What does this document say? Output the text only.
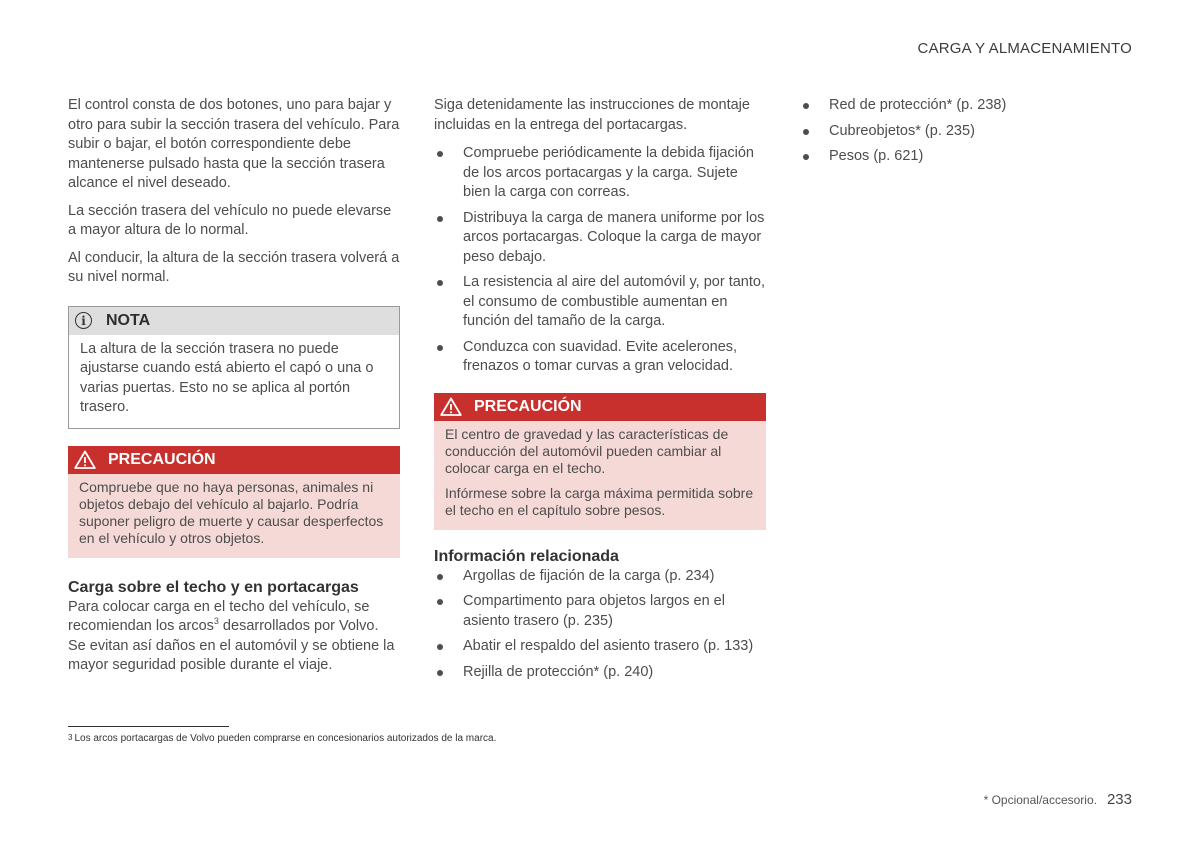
CARGA Y ALMACENAMIENTO

El control consta de dos botones, uno para bajar y otro para subir la sección trasera del vehículo. Para subir o bajar, el botón correspondiente debe mantenerse pulsado hasta que la sección trasera alcance el nivel deseado.

La sección trasera del vehículo no puede elevarse a mayor altura de lo normal.

Al conducir, la altura de la sección trasera volverá a su nivel normal.

i	NOTA

La altura de la sección trasera no puede ajustarse cuando está abierto el capó o una o varias puertas. Esto no se aplica al portón trasero.

PRECAUCIÓN

Compruebe que no haya personas, animales ni objetos debajo del vehículo al bajarlo. Podría suponer peligro de muerte y causar desperfectos en el vehículo y otros objetos.

Carga sobre el techo y en portacargas

Para colocar carga en el techo del vehículo, se recomiendan los arcos$^3$ desarrollados por Volvo. Se evitan así daños en el automóvil y se obtiene la mayor seguridad posible durante el viaje.

Siga detenidamente las instrucciones de montaje incluidas en la entrega del portacargas.

Compruebe periódicamente la debida fijación de los arcos portacargas y la carga. Sujete bien la carga con correas.
Distribuya la carga de manera uniforme por los arcos portacargas. Coloque la carga de mayor peso debajo.
La resistencia al aire del automóvil y, por tanto, el consumo de combustible aumentan en función del tamaño de la carga.
Conduzca con suavidad. Evite acelerones, frenazos o tomar curvas a gran velocidad.
PRECAUCIÓN

El centro de gravedad y las características de conducción del automóvil pueden cambiar al colocar carga en el techo.

Infórmese sobre la carga máxima permitida sobre el techo en el capítulo sobre pesos.

Información relacionada
Argollas de fijación de la carga (p. 234)
Compartimento para objetos largos en el asiento trasero (p. 235)
Abatir el respaldo del asiento trasero (p. 133)
Rejilla de protección* (p. 240)
Red de protección* (p. 238)
Cubreobjetos* (p. 235)
Pesos (p. 621)
$^3$ Los arcos portacargas de Volvo pueden comprarse en concesionarios autorizados de la marca.
* Opcional/accesorio. 233
